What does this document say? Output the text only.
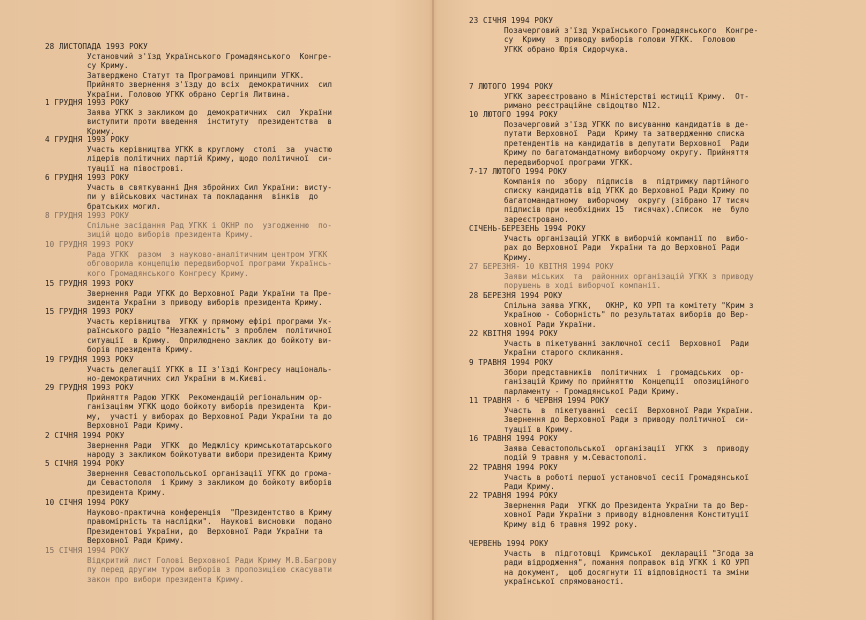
28 ЛИСТОПАДА 1993 РОКУ
Установчий з'їзд Українського Громадянського  Конгре-
су Криму.
Затверджено Статут та Програмові принципи УГКК.
Прийнято звернення з'їзду до всіх  демократичних  сил
України. Головою УГКК обрано Сергія Литвина.
1 ГРУДНЯ 1993 РОКУ
Заява УГКК з закликом до  демократичних  сил  України
виступити проти введення  інституту  президентства  в
Криму.
4 ГРУДНЯ 1993 РОКУ
Участь керівництва УГКК в круглому  столі  за  участю
лідерів політичних партій Криму, щодо політичної  си-
туації на півострові.
6 ГРУДНЯ 1993 РОКУ
Участь в святкуванні Дня збройних Сил України: висту-
пи у військових частинах та покладання  вінків  до
братських могил.
8 ГРУДНЯ 1993 РОКУ
Спільне засідання Рад УГКК і ОКНР по  узгодженню  по-
зицій щодо виборів президента Криму.
10 ГРУДНЯ 1993 РОКУ
Рада УГКК  разом  з науково-аналітичним центром УГКК
обговорила концепцію передвиборчої програми Українсь-
кого Громадянського Конгресу Криму.
15 ГРУДНЯ 1993 РОКУ
Звернення Ради УГКК до Верховної Ради України та Пре-
зидента України з приводу виборів президента Криму.
15 ГРУДНЯ 1993 РОКУ
Участь керівництва  УГКК у прямому ефірі програми Ук-
раїнського радіо "Незалежність" з проблем  політичної
ситуації  в Криму.  Оприлюднено заклик до бойкоту ви-
борів президента Криму.
19 ГРУДНЯ 1993 РОКУ
Участь делегації УГКК в ІІ з'їзді Конгресу національ-
но-демократичних сил України в м.Києві.
29 ГРУДНЯ 1993 РОКУ
Прийняття Радою УГКК  Рекомендацій регіональним ор-
ганізаціям УГКК щодо бойкоту виборів президента  Кри-
му,  участі у виборах до Верховної Ради України та до
Верховної Ради Криму.
2 СІЧНЯ 1994 РОКУ
Звернення Ради  УГКК  до Меджлісу кримськотатарського
народу з закликом бойкотувати вибори президента Криму
5 СІЧНЯ 1994 РОКУ
Звернення Севастопольської організації УГКК до грома-
ди Севастополя  і Криму з закликом до бойкоту виборів
президента Криму.
10 СІЧНЯ 1994 РОКУ
Науково-практична конференція  "Президентство в Криму
правомірність та наслідки".  Наукові висновки  подано
Президентові України, до  Верховної Ради України та
Верховної Ради Криму.
15 СІЧНЯ 1994 РОКУ
Відкритий лист Голові Верховної Ради Криму М.В.Багрову
пу перед другим туром виборів з пропозицією скасувати
закон про вибори президента Криму.
23 СІЧНЯ 1994 РОКУ
Позачерговий з'їзд Українського Громадянського  Конгре-
су  Криму  з приводу виборів голови УГКК.  Головою
УГКК обрано Юрія Сидорчука.
7 ЛЮТОГО 1994 РОКУ
УГКК зареєстровано в Міністерстві юстиції Криму.  От-
римано реєстраційне свідоцтво N12.
10 ЛЮТОГО 1994 РОКУ
Позачерговий з'їзд УГКК по висуванню кандидатів в де-
путати Верховної  Ради  Криму та затвердженню списка
претендентів на кандидатів в депутати Верховної  Ради
Криму по багатомандатному виборчому округу. Прийняття
передвиборчої програми УГКК.
7-17 ЛЮТОГО 1994 РОКУ
Компанія по  збору  підписів  в  підтримку партійного
списку кандидатів від УГКК до Верховної Ради Криму по
багатомандатному  виборчому  округу (зібрано 17 тисяч
підписів при необхідних 15  тисячах).Список  не  було
зареєстровано.
СІЧЕНЬ-БЕРЕЗЕНЬ 1994 РОКУ
Участь організацій УГКК в виборчій компанії по  вибо-
рах до Верховної Ради  України та до Верховної Ради
Криму.
27 БЕРЕЗНЯ- 10 КВІТНЯ 1994 РОКУ
Заяви міських  та  районних організацій УГКК з приводу
порушень в ході виборчої компанії.
28 БЕРЕЗНЯ 1994 РОКУ
Спільна заява УГКК,   ОКНР, КО УРП та комітету "Крим з
Україною - Соборність" по результатах виборів до Вер-
ховної Ради України.
22 КВІТНЯ 1994 РОКУ
Участь в пікетуванні заключної сесії  Верховної  Ради
України старого скликання.
9 ТРАВНЯ 1994 РОКУ
Збори представників  політичних  і  громадських  ор-
ганізацій Криму по прийняттю  Концепції  опозиційного
парламенту - Громадянської Ради Криму.
11 ТРАВНЯ - 6 ЧЕРВНЯ 1994 РОКУ
Участь  в  пікетуванні  сесії  Верховної Ради України.
Звернення до Верховної Ради з приводу політичної  си-
туації в Криму.
16 ТРАВНЯ 1994 РОКУ
Заява Севастопольської  організації  УГКК  з  приводу
подій 9 травня у м.Севастополі.
22 ТРАВНЯ 1994 РОКУ
Участь в роботі першої установчої сесії Громадянської
Ради Криму.
22 ТРАВНЯ 1994 РОКУ
Звернення Ради  УГКК до Президента України та до Вер-
ховної Ради України з приводу відновлення Конституції
Криму від 6 травня 1992 року.
ЧЕРВЕНЬ 1994 РОКУ
Участь  в  підготовці  Кримської  декларації "Згода за
ради відродження", пожання поправок від УГКК і КО УРП
на документ,  щоб досягнути її відповідності та зміни
української спрямованості.
